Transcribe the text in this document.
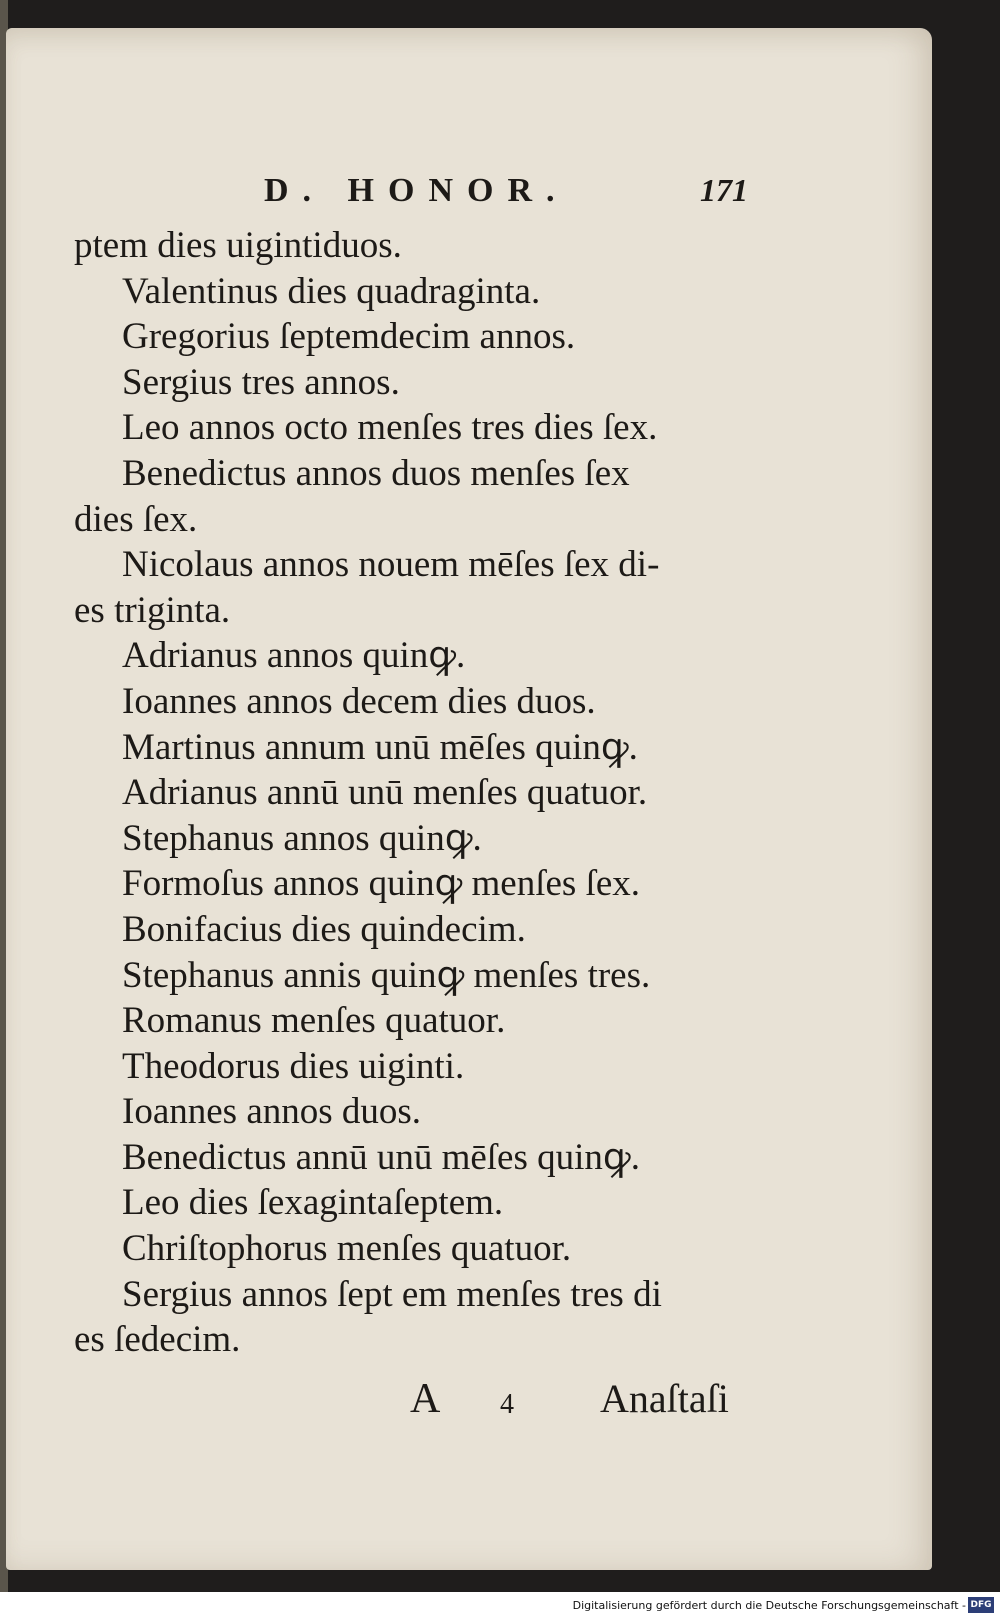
D. HONOR.	171
ptem dies uigintiduos.
Valentinus dies quadraginta.
Gregorius ſeptemdecim annos.
Sergius tres annos.
Leo annos octo menſes tres dies ſex.
Benedictus annos duos menſes ſex
dies ſex.
Nicolaus annos nouem mēſes ſex di-
es triginta.
Adrianus annos quinꝙ.
Ioannes annos decem dies duos.
Martinus annum unū mēſes quinꝙ.
Adrianus annū unū menſes quatuor.
Stephanus annos quinꝙ.
Formoſus annos quinꝙ menſes ſex.
Bonifacius dies quindecim.
Stephanus annis quinꝙ menſes tres.
Romanus menſes quatuor.
Theodorus dies uiginti.
Ioannes annos duos.
Benedictus annū unū mēſes quinꝙ.
Leo dies ſexagintaſeptem.
Chriſtophorus menſes quatuor.
Sergius annos ſept em menſes tres di
es ſedecim.
A 4 Anaſtaſi
Digitalisierung gefördert durch die Deutsche Forschungsgemeinschaft - DFG
